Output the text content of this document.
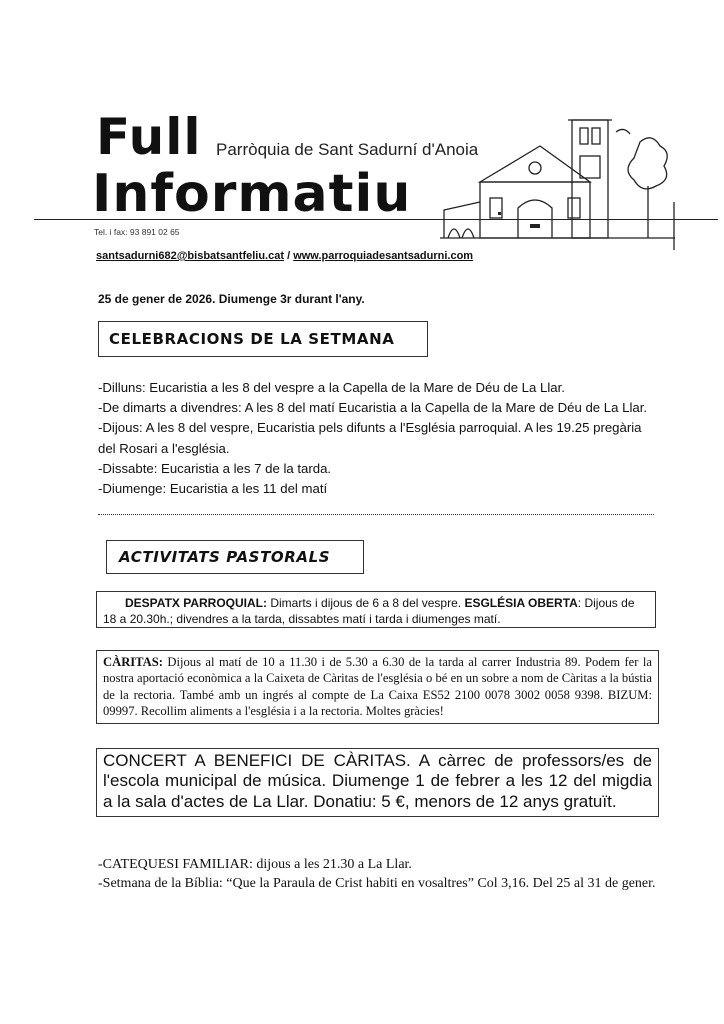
Full Parròquia de Sant Sadurní d'Anoia
Informatiu
Tel. i fax: 93 891 02 65
santsadurni682@bisbatsantfeliu.cat / www.parroquiadesantsadurni.com
25 de gener de 2026. Diumenge 3r durant l'any.
CELEBRACIONS DE LA SETMANA

-Dilluns: Eucaristia a les 8 del vespre a la Capella de la Mare de Déu de La Llar.

-De dimarts a divendres: A les 8 del matí Eucaristia a la Capella de la Mare de Déu de La Llar.

-Dijous: A les 8 del vespre, Eucaristia pels difunts a l'Església parroquial. A les 19.25 pregària del Rosari a l'església.

-Dissabte: Eucaristia a les 7 de la tarda.

-Diumenge: Eucaristia a les 11 del matí

ACTIVITATS PASTORALS
DESPATX PARROQUIAL: Dimarts i dijous de 6 a 8 del vespre. ESGLÉSIA OBERTA: Dijous de 18 a 20.30h.; divendres a la tarda, dissabtes matí i tarda i diumenges matí.
CÀRITAS: Dijous al matí de 10 a 11.30 i de 5.30 a 6.30 de la tarda al carrer Industria 89. Podem fer la nostra aportació econòmica a la Caixeta de Càritas de l'església o bé en un sobre a nom de Càritas a la bústia de la rectoria. També amb un ingrés al compte de La Caixa ES52 2100 0078 3002 0058 9398. BIZUM: 09997. Recollim aliments a l'església i a la rectoria. Moltes gràcies!
CONCERT A BENEFICI DE CÀRITAS. A càrrec de professors/es de l'escola municipal de música. Diumenge 1 de febrer a les 12 del migdia a la sala d'actes de La Llar. Donatiu: 5 €, menors de 12 anys gratuït.

-CATEQUESI FAMILIAR: dijous a les 21.30 a La Llar.

-Setmana de la Bíblia: “Que la Paraula de Crist habiti en vosaltres” Col 3,16. Del 25 al 31 de gener.
